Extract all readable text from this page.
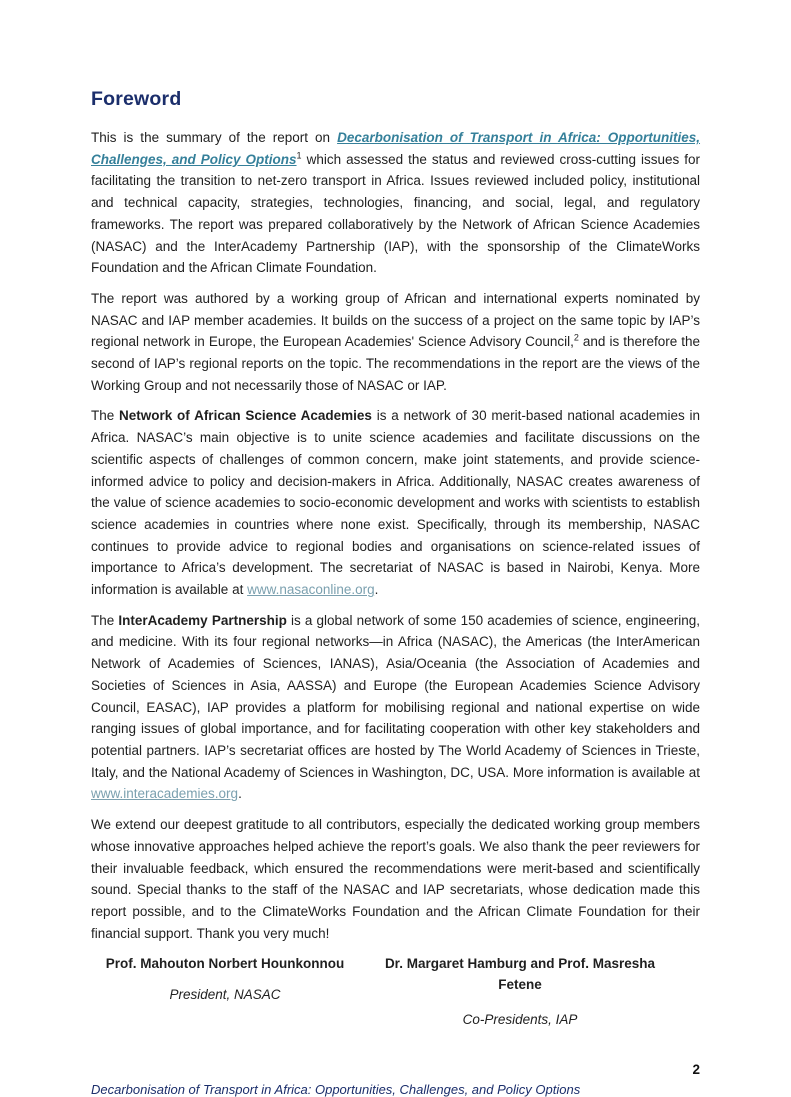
Foreword

This is the summary of the report on Decarbonisation of Transport in Africa: Opportunities, Challenges, and Policy Options$^1$ which assessed the status and reviewed cross-cutting issues for facilitating the transition to net-zero transport in Africa. Issues reviewed included policy, institutional and technical capacity, strategies, technologies, financing, and social, legal, and regulatory frameworks. The report was prepared collaboratively by the Network of African Science Academies (NASAC) and the InterAcademy Partnership (IAP), with the sponsorship of the ClimateWorks Foundation and the African Climate Foundation.

The report was authored by a working group of African and international experts nominated by NASAC and IAP member academies. It builds on the success of a project on the same topic by IAP’s regional network in Europe, the European Academies' Science Advisory Council,$^2$ and is therefore the second of IAP’s regional reports on the topic. The recommendations in the report are the views of the Working Group and not necessarily those of NASAC or IAP.

The Network of African Science Academies is a network of 30 merit-based national academies in Africa. NASAC’s main objective is to unite science academies and facilitate discussions on the scientific aspects of challenges of common concern, make joint statements, and provide science-informed advice to policy and decision-makers in Africa. Additionally, NASAC creates awareness of the value of science academies to socio-economic development and works with scientists to establish science academies in countries where none exist. Specifically, through its membership, NASAC continues to provide advice to regional bodies and organisations on science-related issues of importance to Africa’s development. The secretariat of NASAC is based in Nairobi, Kenya. More information is available at www.nasaconline.org.

The InterAcademy Partnership is a global network of some 150 academies of science, engineering, and medicine. With its four regional networks—in Africa (NASAC), the Americas (the InterAmerican Network of Academies of Sciences, IANAS), Asia/Oceania (the Association of Academies and Societies of Sciences in Asia, AASSA) and Europe (the European Academies Science Advisory Council, EASAC), IAP provides a platform for mobilising regional and national expertise on wide ranging issues of global importance, and for facilitating cooperation with other key stakeholders and potential partners. IAP’s secretariat offices are hosted by The World Academy of Sciences in Trieste, Italy, and the National Academy of Sciences in Washington, DC, USA. More information is available at www.interacademies.org.

We extend our deepest gratitude to all contributors, especially the dedicated working group members whose innovative approaches helped achieve the report’s goals. We also thank the peer reviewers for their invaluable feedback, which ensured the recommendations were merit-based and scientifically sound. Special thanks to the staff of the NASAC and IAP secretariats, whose dedication made this report possible, and to the ClimateWorks Foundation and the African Climate Foundation for their financial support. Thank you very much!

Prof. Mahouton Norbert Hounkonnou
President, NASAC
Dr. Margaret Hamburg and Prof. Masresha Fetene
Co-Presidents, IAP
2
Decarbonisation of Transport in Africa: Opportunities, Challenges, and Policy Options
